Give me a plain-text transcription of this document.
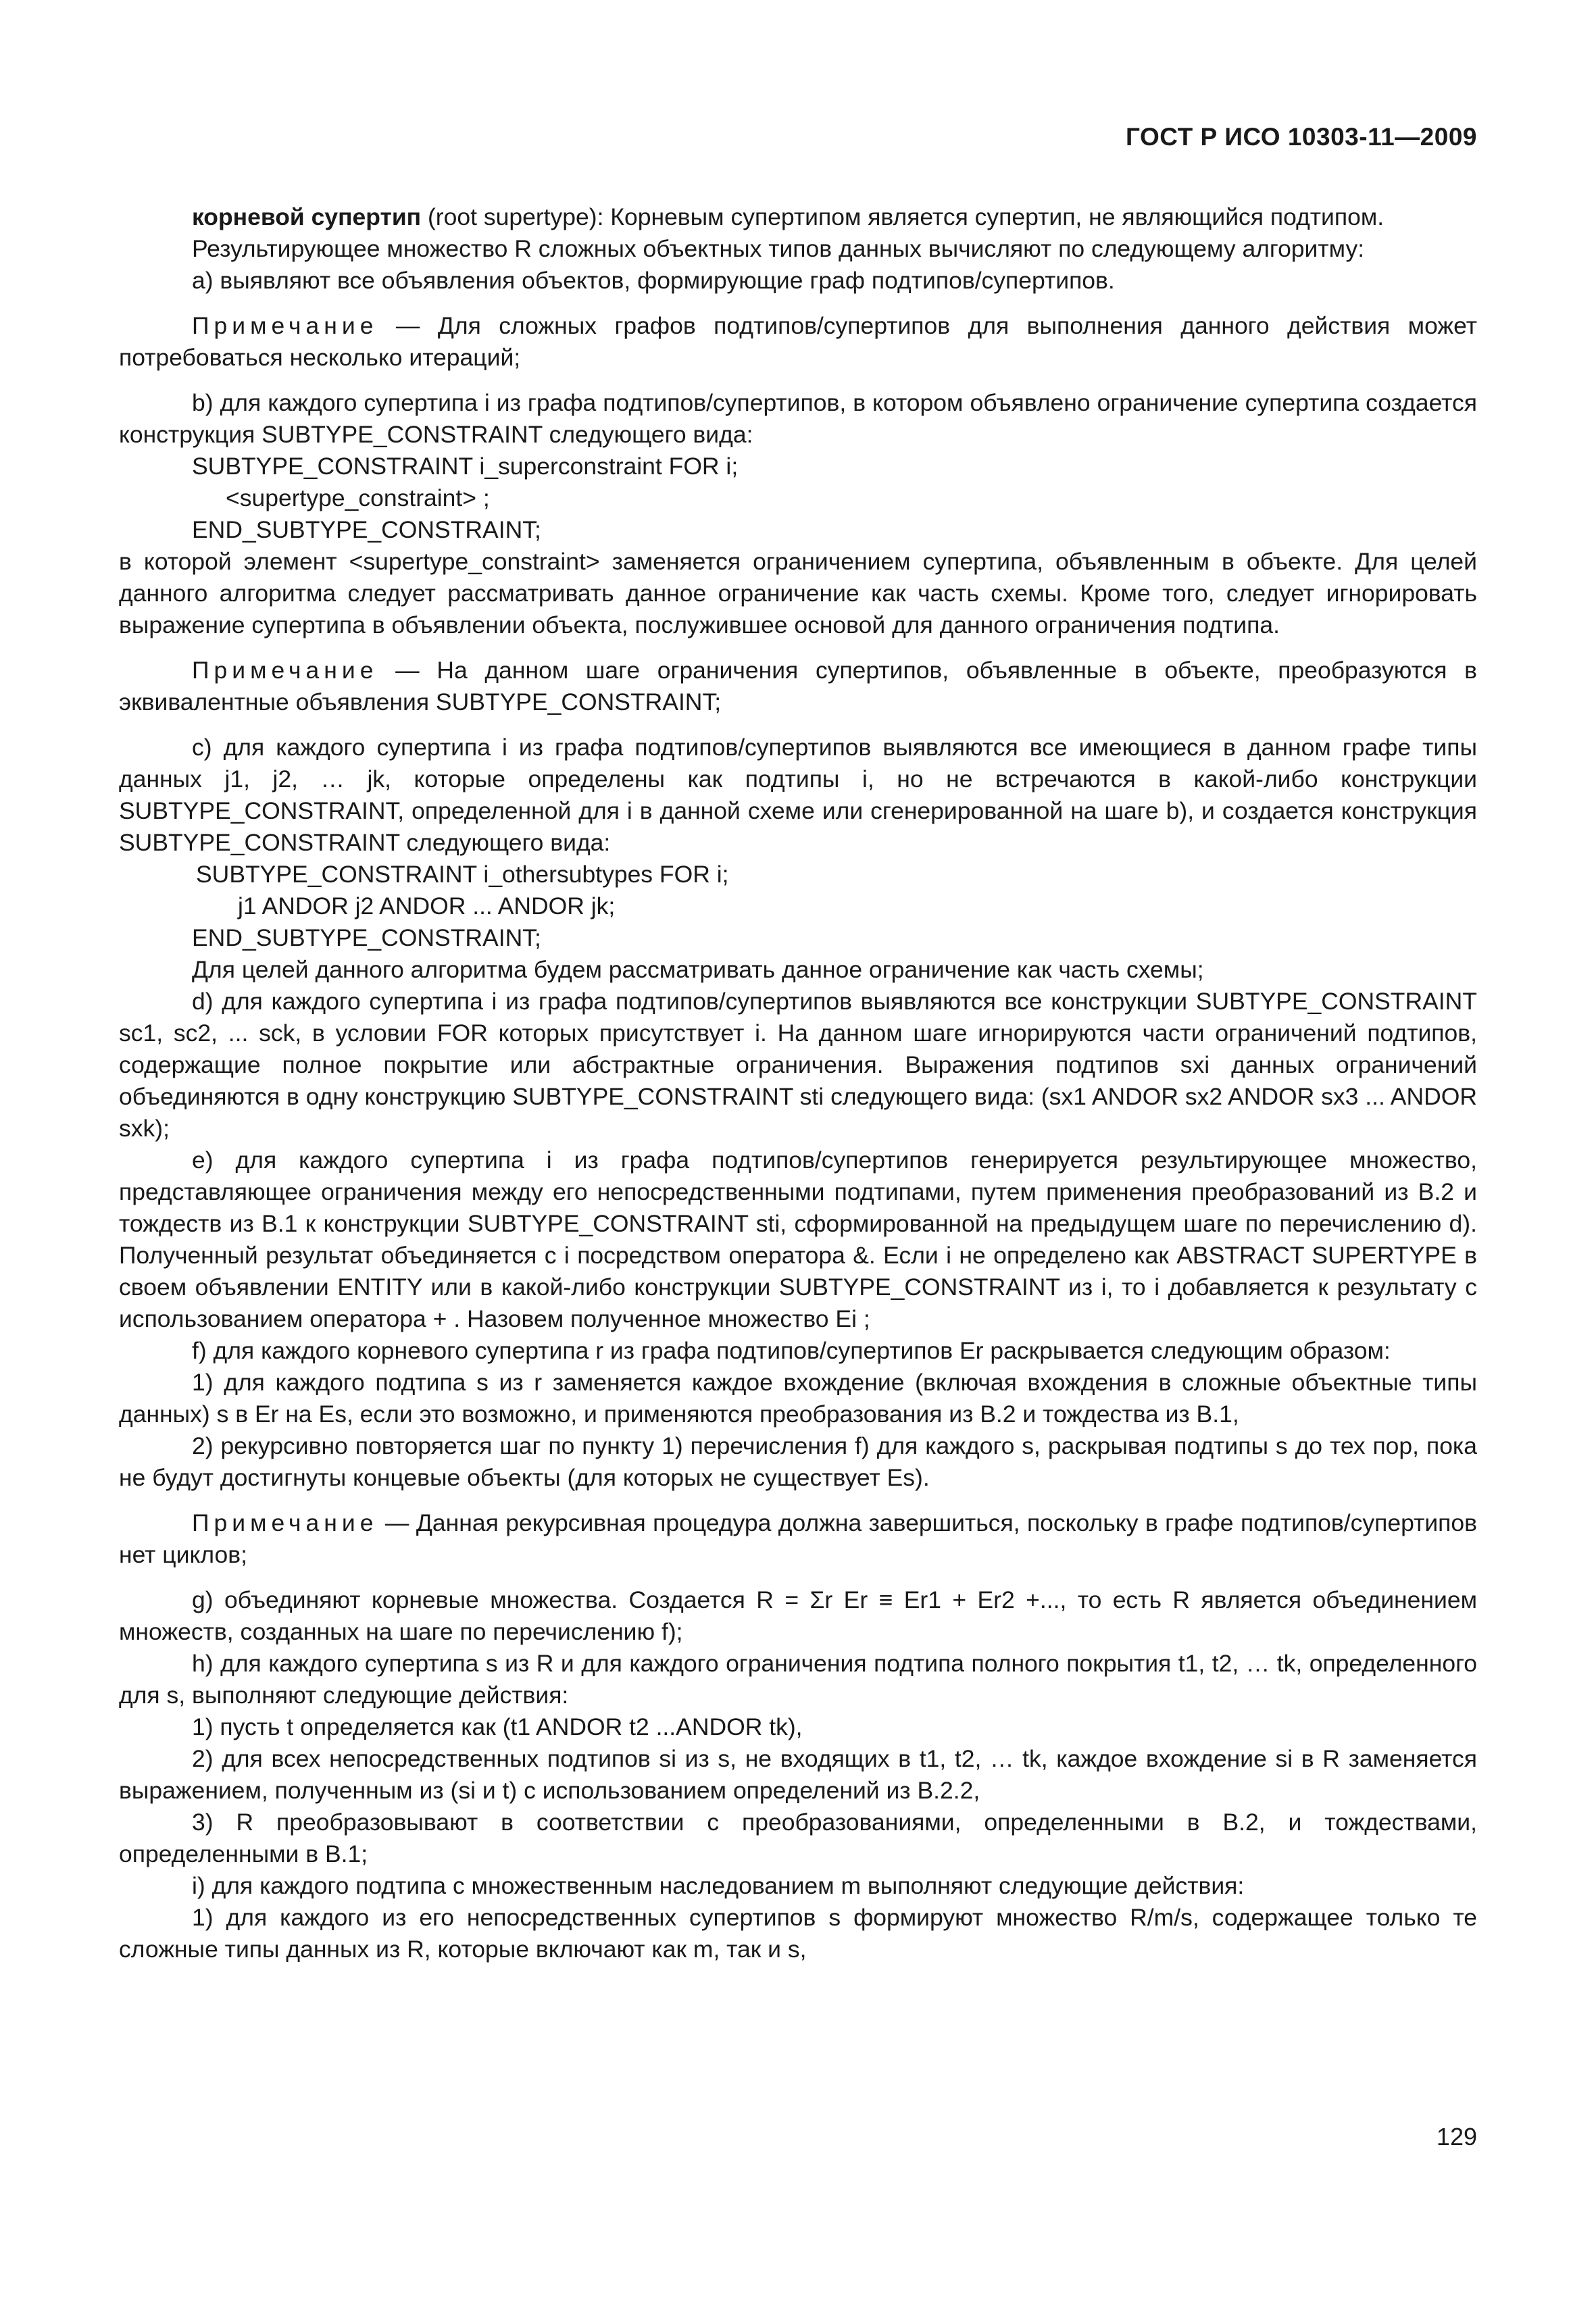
ГОСТ Р ИСО 10303-11—2009

корневой супертип (root supertype): Корневым супертипом является супертип, не являющийся подтипом.

Результирующее множество R сложных объектных типов данных вычисляют по следующему алгоритму:

а) выявляют все объявления объектов, формирующие граф подтипов/супертипов.

Примечание — Для сложных графов подтипов/супертипов для выполнения данного действия может потребоваться несколько итераций;

b) для каждого супертипа i из графа подтипов/супертипов, в котором объявлено ограничение супертипа создается конструкция SUBTYPE_CONSTRAINT следующего вида:

SUBTYPE_CONSTRAINT i_superconstraint FOR i;

<supertype_constraint> ;

END_SUBTYPE_CONSTRAINT;

в которой элемент <supertype_constraint> заменяется ограничением супертипа, объявленным в объекте. Для целей данного алгоритма следует рассматривать данное ограничение как часть схемы. Кроме того, следует игнорировать выражение супертипа в объявлении объекта, послужившее основой для данного ограничения подтипа.

Примечание — На данном шаге ограничения супертипов, объявленные в объекте, преобразуются в эквивалентные объявления SUBTYPE_CONSTRAINT;

с) для каждого супертипа i из графа подтипов/супертипов выявляются все имеющиеся в данном графе типы данных j1, j2, … jk, которые определены как подтипы i, но не встречаются в какой-либо конструкции SUBTYPE_CONSTRAINT, определенной для i в данной схеме или сгенерированной на шаге b), и создается конструкция SUBTYPE_CONSTRAINT следующего вида:

SUBTYPE_CONSTRAINT i_othersubtypes FOR i;

j1 ANDOR j2 ANDOR ... ANDOR jk;

END_SUBTYPE_CONSTRAINT;

Для целей данного алгоритма будем рассматривать данное ограничение как часть схемы;

d) для каждого супертипа i из графа подтипов/супертипов выявляются все конструкции SUBTYPE_CONSTRAINT sc1, sc2, ... sck, в условии FOR которых присутствует i. На данном шаге игнорируются части ограничений подтипов, содержащие полное покрытие или абстрактные ограничения. Выражения подтипов sxi данных ограничений объединяются в одну конструкцию SUBTYPE_CONSTRAINT sti следующего вида: (sx1 ANDOR sx2 ANDOR sx3 ... ANDOR sxk);

е) для каждого супертипа i из графа подтипов/супертипов генерируется результирующее множество, представляющее ограничения между его непосредственными подтипами, путем применения преобразований из В.2 и тождеств из В.1 к конструкции SUBTYPE_CONSTRAINT sti, сформированной на предыдущем шаге по перечислению d). Полученный результат объединяется с i посредством оператора &. Если i не определено как ABSTRACT SUPERTYPE в своем объявлении ENTITY или в какой-либо конструкции SUBTYPE_CONSTRAINT из i, то i добавляется к результату с использованием оператора + . Назовем полученное множество Ei ;

f) для каждого корневого супертипа r из графа подтипов/супертипов Er раскрывается следующим образом:

1) для каждого подтипа s из r заменяется каждое вхождение (включая вхождения в сложные объектные типы данных) s в Er на Es, если это возможно, и применяются преобразования из В.2 и тождества из В.1,

2) рекурсивно повторяется шаг по пункту 1) перечисления f) для каждого s, раскрывая подтипы s до тех пор, пока не будут достигнуты концевые объекты (для которых не существует Es).

Примечание — Данная рекурсивная процедура должна завершиться, поскольку в графе подтипов/супертипов нет циклов;

g) объединяют корневые множества. Создается R = Σr Er ≡ Er1 + Er2 +..., то есть R является объединением множеств, созданных на шаге по перечислению f);

h) для каждого супертипа s из R и для каждого ограничения подтипа полного покрытия t1, t2, … tk, определенного для s, выполняют следующие действия:

1) пусть t определяется как (t1 ANDOR t2 ...ANDOR tk),

2) для всех непосредственных подтипов si из s, не входящих в t1, t2, … tk, каждое вхождение si в R заменяется выражением, полученным из (si и t) с использованием определений из В.2.2,

3) R преобразовывают в соответствии с преобразованиями, определенными в В.2, и тождествами, определенными в В.1;

i) для каждого подтипа с множественным наследованием m выполняют следующие действия:

1) для каждого из его непосредственных супертипов s формируют множество R/m/s, содержащее только те сложные типы данных из R, которые включают как m, так и s,

129
